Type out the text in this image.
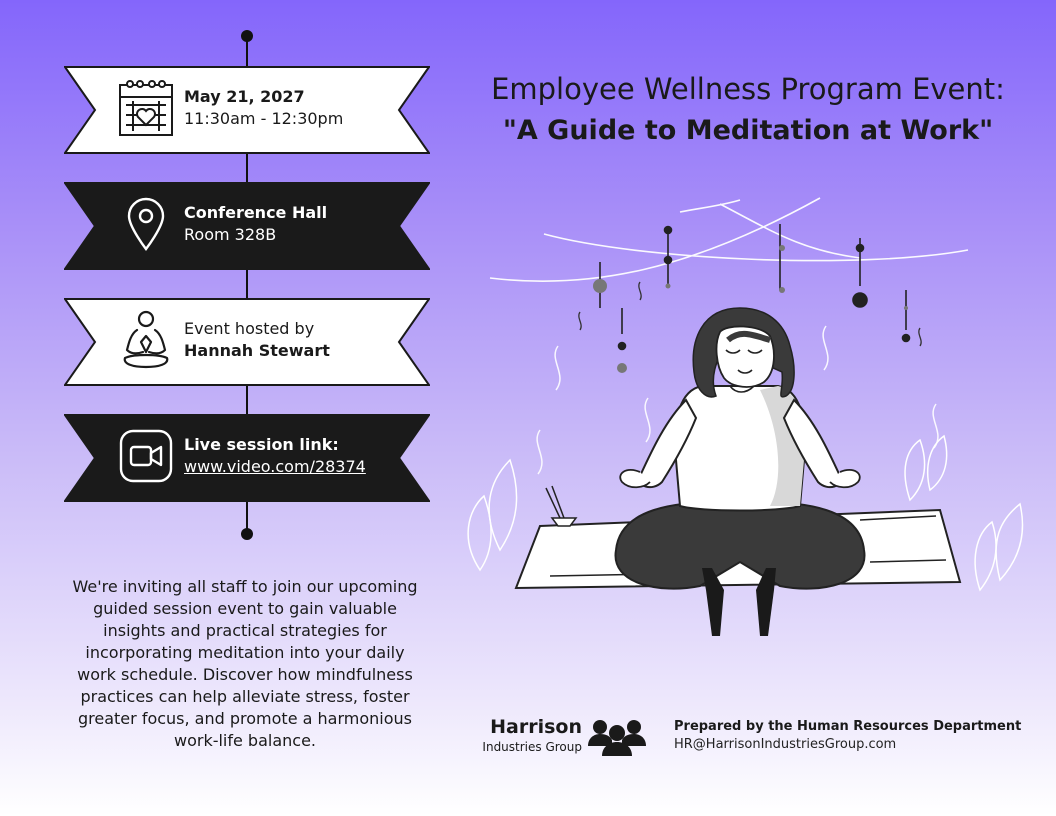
May 21, 2027
11:30am - 12:30pm
Conference Hall
Room 328B
Event hosted by
Hannah Stewart
Live session link:
www.video.com/28374
We're inviting all staff to join our upcoming guided session event to gain valuable insights and practical strategies for incorporating meditation into your daily work schedule. Discover how mindfulness practices can help alleviate stress, foster greater focus, and promote a harmonious work-life balance.
Employee Wellness Program Event:
"A Guide to Meditation at Work"
Harrison
Industries Group
Prepared by the Human Resources Department
HR@HarrisonIndustriesGroup.com
